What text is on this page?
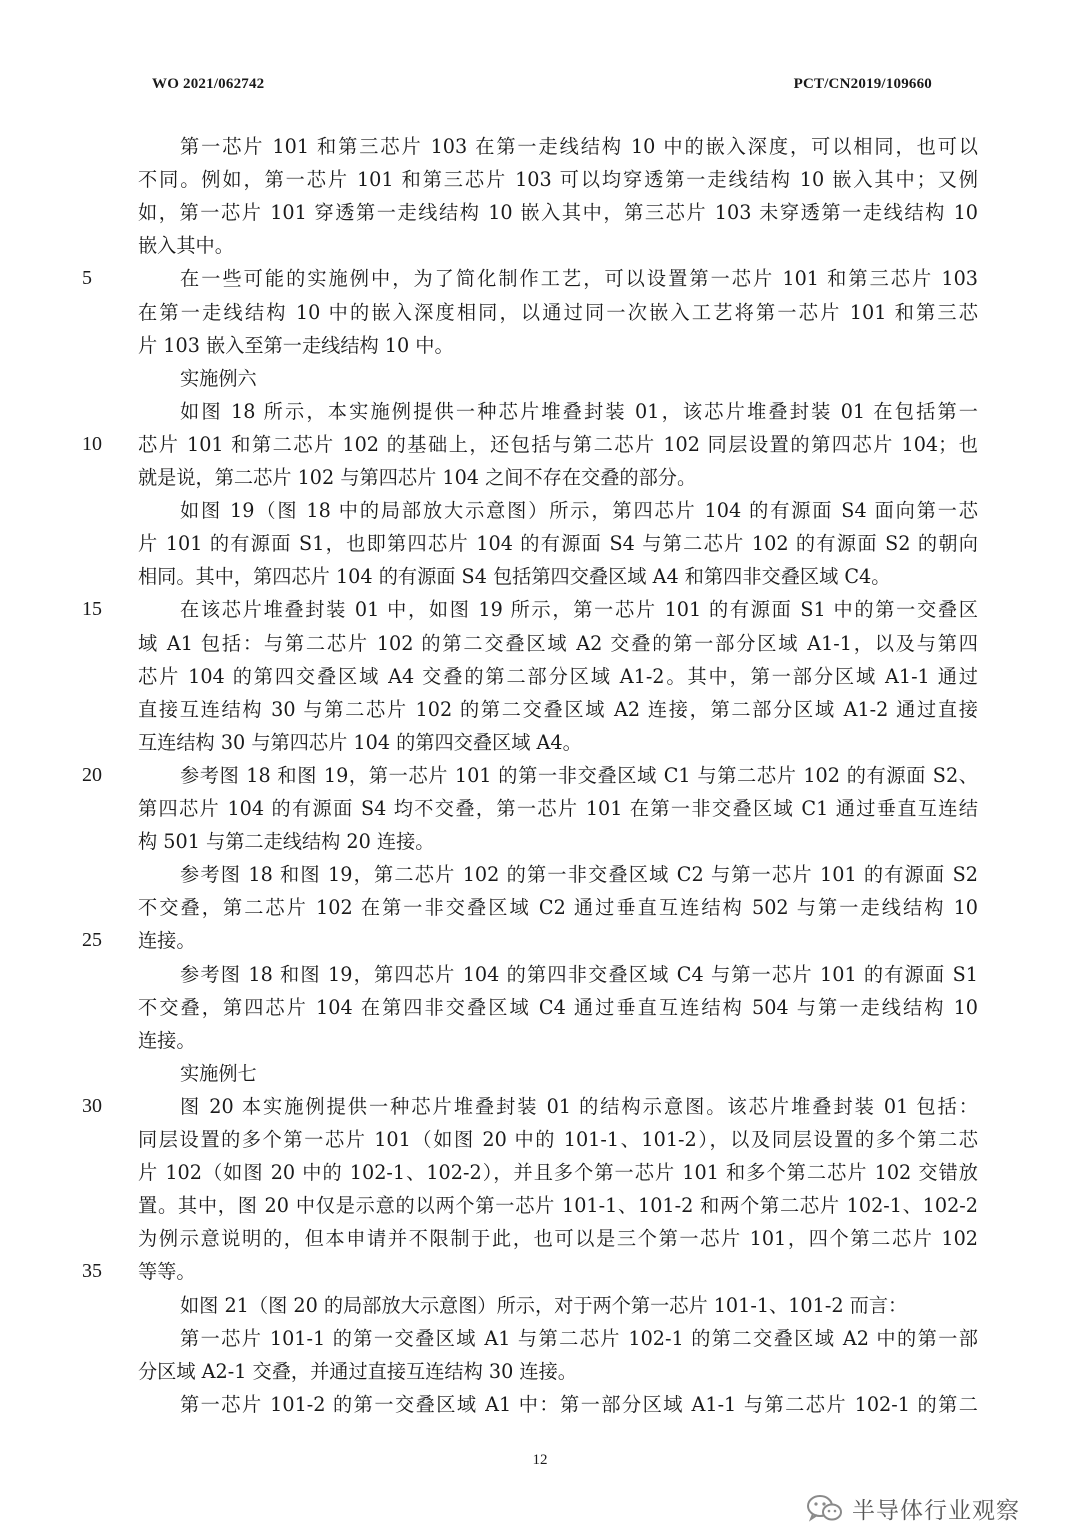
WO 2021/062742	PCT/CN2019/109660
第一芯片 101 和第三芯片 103 在第一走线结构 10 中的嵌入深度，可以相同，也可以
不同。例如，第一芯片 101 和第三芯片 103 可以均穿透第一走线结构 10 嵌入其中；又例
如，第一芯片 101 穿透第一走线结构 10 嵌入其中，第三芯片 103 未穿透第一走线结构 10
嵌入其中。
在一些可能的实施例中，为了简化制作工艺，可以设置第一芯片 101 和第三芯片 103
5
在第一走线结构 10 中的嵌入深度相同，以通过同一次嵌入工艺将第一芯片 101 和第三芯
片 103 嵌入至第一走线结构 10 中。
实施例六
如图 18 所示，本实施例提供一种芯片堆叠封装 01，该芯片堆叠封装 01 在包括第一
芯片 101 和第二芯片 102 的基础上，还包括与第二芯片 102 同层设置的第四芯片 104；也
10
就是说，第二芯片 102 与第四芯片 104 之间不存在交叠的部分。
如图 19（图 18 中的局部放大示意图）所示，第四芯片 104 的有源面 S4 面向第一芯
片 101 的有源面 S1，也即第四芯片 104 的有源面 S4 与第二芯片 102 的有源面 S2 的朝向
相同。其中，第四芯片 104 的有源面 S4 包括第四交叠区域 A4 和第四非交叠区域 C4。
在该芯片堆叠封装 01 中，如图 19 所示，第一芯片 101 的有源面 S1 中的第一交叠区
15
域 A1 包括：与第二芯片 102 的第二交叠区域 A2 交叠的第一部分区域 A1-1，以及与第四
芯片 104 的第四交叠区域 A4 交叠的第二部分区域 A1-2。其中，第一部分区域 A1-1 通过
直接互连结构 30 与第二芯片 102 的第二交叠区域 A2 连接，第二部分区域 A1-2 通过直接
互连结构 30 与第四芯片 104 的第四交叠区域 A4。
参考图 18 和图 19，第一芯片 101 的第一非交叠区域 C1 与第二芯片 102 的有源面 S2、
20
第四芯片 104 的有源面 S4 均不交叠，第一芯片 101 在第一非交叠区域 C1 通过垂直互连结
构 501 与第二走线结构 20 连接。
参考图 18 和图 19，第二芯片 102 的第一非交叠区域 C2 与第一芯片 101 的有源面 S2
不交叠，第二芯片 102 在第一非交叠区域 C2 通过垂直互连结构 502 与第一走线结构 10
连接。
25
参考图 18 和图 19，第四芯片 104 的第四非交叠区域 C4 与第一芯片 101 的有源面 S1
不交叠，第四芯片 104 在第四非交叠区域 C4 通过垂直互连结构 504 与第一走线结构 10
连接。
实施例七
图 20 本实施例提供一种芯片堆叠封装 01 的结构示意图。该芯片堆叠封装 01 包括：
30
同层设置的多个第一芯片 101（如图 20 中的 101-1、101-2），以及同层设置的多个第二芯
片 102（如图 20 中的 102-1、102-2），并且多个第一芯片 101 和多个第二芯片 102 交错放
置。其中，图 20 中仅是示意的以两个第一芯片 101-1、101-2 和两个第二芯片 102-1、102-2
为例示意说明的，但本申请并不限制于此，也可以是三个第一芯片 101，四个第二芯片 102
等等。
35
如图 21（图 20 的局部放大示意图）所示，对于两个第一芯片 101-1、101-2 而言：
第一芯片 101-1 的第一交叠区域 A1 与第二芯片 102-1 的第二交叠区域 A2 中的第一部
分区域 A2-1 交叠，并通过直接互连结构 30 连接。
第一芯片 101-2 的第一交叠区域 A1 中：第一部分区域 A1-1 与第二芯片 102-1 的第二
12
半导体行业观察
